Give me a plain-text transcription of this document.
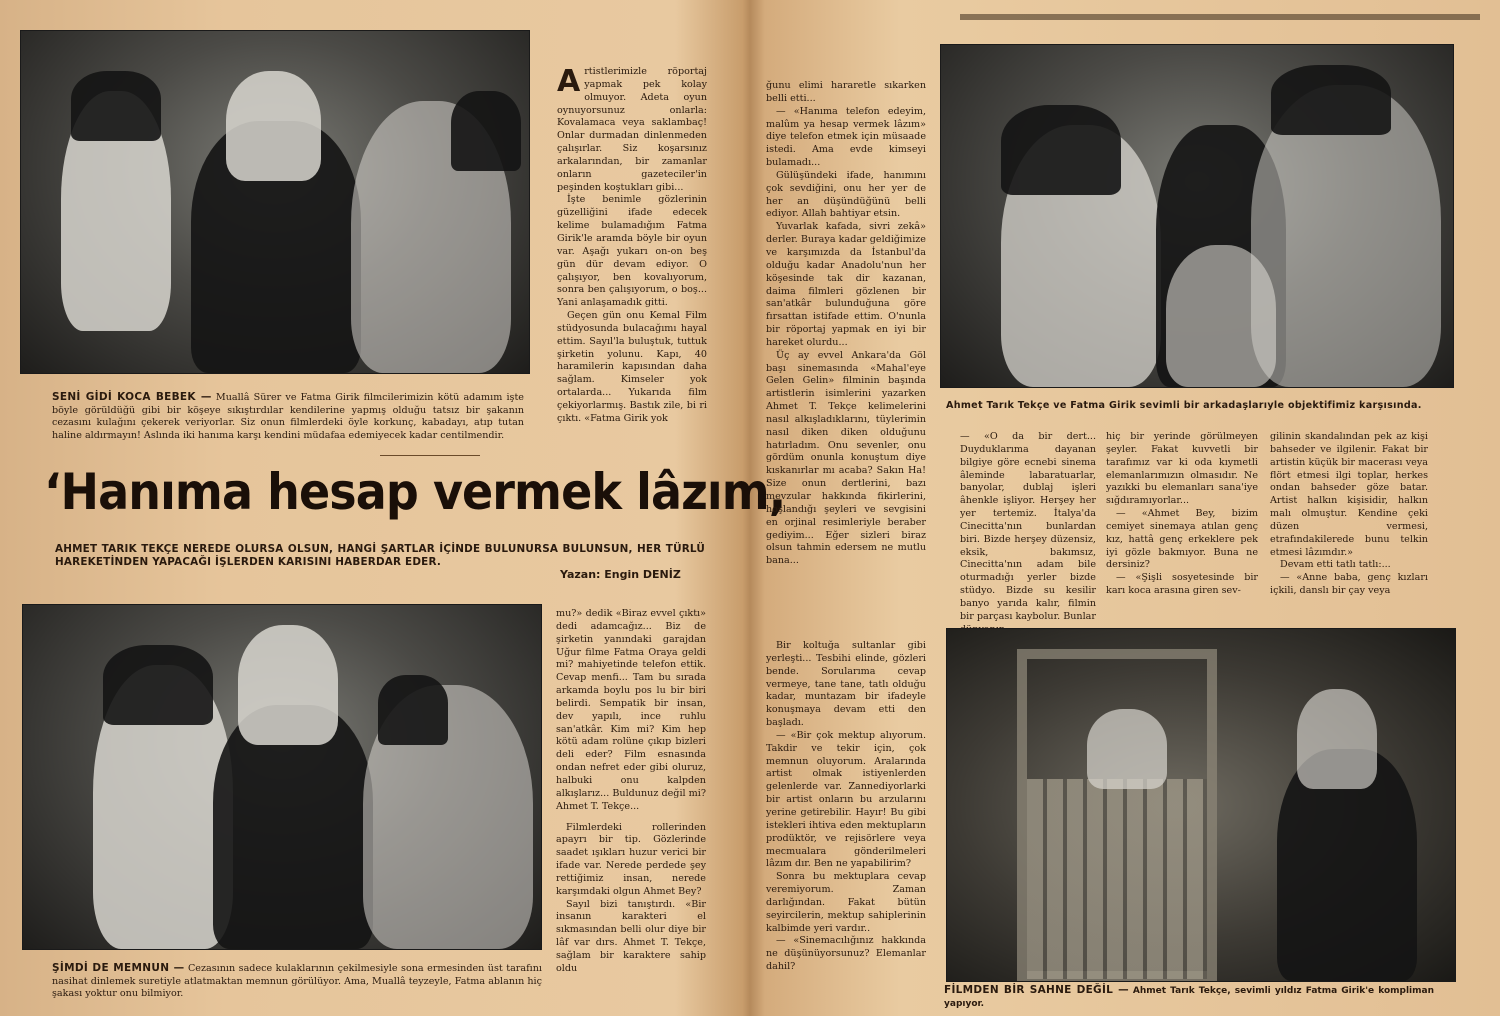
SENİ GİDİ KOCA BEBEK — Muallâ Sürer ve Fatma Girik filmcilerimizin kötü adamım işte böyle görüldüğü gibi bir köşeye sıkıştırdılar kendilerine yapmış olduğu tatsız bir şakanın cezasını kulağını çekerek veriyorlar. Siz onun filmlerdeki öyle korkunç, kabadayı, atıp tutan haline aldırmayın! Aslında iki hanıma karşı kendini müdafaa edemiyecek kadar centilmendir.
A rtistlerimizle röportaj yapmak pek kolay olmuyor. Adeta oyun oynuyorsunuz onlarla: Kovalamaca veya saklambaç! Onlar durmadan dinlenmeden çalışırlar. Siz koşarsınız arkalarından, bir zamanlar onların gazeteciler'in peşinden koştukları gibi...

İşte benimle gözlerinin güzelliğini ifade edecek kelime bulamadığım Fatma Girik'le aramda böyle bir oyun var. Aşağı yukarı on-on beş gün dür devam ediyor. O çalışıyor, ben kovalıyorum, sonra ben çalışıyorum, o boş... Yani anlaşamadık gitti.

Geçen gün onu Kemal Film stüdyosunda bulacağımı hayal ettim. Sayıl'la buluştuk, tuttuk şirketin yolunu. Kapı, 40 haramilerin kapısından daha sağlam. Kimseler yok ortalarda... Yukarıda film çekiyorlarmış. Bastık zile, bi ri çıktı. «Fatma Girik yok

‘Hanıma hesap vermek lâzım,
AHMET TARIK TEKÇE NEREDE OLURSA OLSUN, HANGİ ŞARTLAR İÇİNDE BULUNURSA BULUNSUN, HER TÜRLÜ HAREKETİNDEN YAPACAĞI İŞLERDEN KARISINI HABERDAR EDER.
Yazan: Engin DENİZ
ŞİMDİ DE MEMNUN — Cezasının sadece kulaklarının çekilmesiyle sona ermesinden üst tarafını nasihat dinlemek suretiyle atlatmaktan memnun görülüyor. Ama, Muallâ teyzeyle, Fatma ablanın hiç şakası yoktur onu bilmiyor.

mu?» dedik «Biraz evvel çıktı» dedi adamcağız... Biz de şirketin yanındaki garajdan Uğur filme Fatma Oraya geldi mi? mahiyetinde telefon ettik. Cevap menfi... Tam bu sırada arkamda boylu pos lu bir biri belirdi. Sempatik bir insan, dev yapılı, ince ruhlu san'atkâr. Kim mi? Kim hep kötü adam rolüne çıkıp bizleri deli eder? Film esnasında ondan nefret eder gibi oluruz, halbuki onu kalpden alkışlarız... Buldunuz değil mi? Ahmet T. Tekçe...

Filmlerdeki rollerinden apayrı bir tip. Gözlerinde saadet ışıkları huzur verici bir ifade var. Nerede perdede şey rettiğimiz insan, nerede karşımdaki olgun Ahmet Bey?

Sayıl bizi tanıştırdı. «Bir insanın karakteri el sıkmasından belli olur diye bir lâf var dırs. Ahmet T. Tekçe, sağlam bir karaktere sahip oldu

ğunu elimi hararetle sıkarken belli etti...

— «Hanıma telefon edeyim, malûm ya hesap vermek lâzım» diye telefon etmek için müsaade istedi. Ama evde kimseyi bulamadı...

Gülüşündeki ifade, hanımını çok sevdiğini, onu her yer de her an düşündüğünü belli ediyor. Allah bahtiyar etsin.

Yuvarlak kafada, sivri zekâ» derler. Buraya kadar geldiğimize ve karşımızda da İstanbul'da olduğu kadar Anadolu'nun her köşesinde tak dir kazanan, daima filmleri gözlenen bir san'atkâr bulunduğuna göre fırsattan istifade ettim. O'nunla bir röportaj yapmak en iyi bir hareket olurdu...

Üç ay evvel Ankara'da Göl başı sinemasında «Mahal'eye Gelen Gelin» filminin başında artistlerin isimlerini yazarken Ahmet T. Tekçe kelimelerini nasıl alkışladıklarını, tüylerimin nasıl diken diken olduğunu hatırladım. Onu sevenler, onu gördüm onunla konuştum diye kıskanırlar mı acaba? Sakın Ha! Size onun dertlerini, bazı mevzular hakkında fikirlerini, hoşlandığı şeyleri ve sevgisini en orjinal resimleriyle beraber gediyim... Eğer sizleri biraz olsun tahmin edersem ne mutlu bana...

Ahmet Tarık Tekçe ve Fatma Girik sevimli bir arkadaşlarıyle objektifimiz karşısında.

— «O da bir dert... Duyduklarıma dayanan bilgiye göre ecnebi sinema âleminde labaratuarlar, banyolar, dublaj işleri âhenkle işliyor. Herşey her yer tertemiz. İtalya'da Cinecitta'nın bunlardan biri. Bizde herşey düzensiz, eksik, bakımsız, Cinecitta'nın adam bile oturmadığı yerler bizde stüdyo. Bizde su kesilir banyo yarıda kalır, filmin bir parçası kaybolur. Bunlar

hiç bir yerinde görülmeyen şeyler. Fakat kuvvetli bir tarafımız var ki oda kıymetli elemanlarımızın olmasıdır. Ne yazıkki bu elemanları sana'iye sığdıramıyorlar...

— «Ahmet Bey, bizim cemiyet sinemaya atılan genç kız, hattâ genç erkeklere pek iyi gözle bakmıyor. Buna ne dersiniz?

— «Şişli sosyetesinde bir karı koca arasına giren sev-

gilinin skandalından pek az kişi bahseder ve ilgilenir. Fakat bir artistin küçük bir macerası veya flört etmesi ilgi toplar, herkes ondan bahseder göze batar. Artist halkın kişisidir, halkın malı olmuştur. Kendine çeki düzen vermesi, etrafındakilerede bunu telkin etmesi lâzımdır.»

Devam etti tatlı tatlı:...

— «Anne baba, genç kızları içkili, danslı bir çay veya

Bir koltuğa sultanlar gibi yerleşti... Tesbihi elinde, gözleri bende. Sorularıma cevap vermeye, tane tane, tatlı olduğu kadar, muntazam bir ifadeyle konuşmaya devam etti den başladı.

— «Bir çok mektup alıyorum. Takdir ve tekir için, çok memnun oluyorum. Aralarında artist olmak istiyenlerden gelenlerde var. Zannediyorlarki bir artist onların bu arzularını yerine getirebilir. Hayır! Bu gibi istekleri ihtiva eden mektupların prodüktör, ve rejisörlere veya mecmualara gönderilmeleri lâzım dır. Ben ne yapabilirim?

Sonra bu mektuplara cevap veremiyorum. Zaman darlığından. Fakat bütün seyircilerin, mektup sahiplerinin kalbimde yeri vardır..

— «Sinemacılığınız hakkında ne düşünüyorsunuz? Elemanlar dahil?

FİLMDEN BİR SAHNE DEĞİL — Ahmet Tarık Tekçe, sevimli yıldız Fatma Girik'e kompliman yapıyor.
